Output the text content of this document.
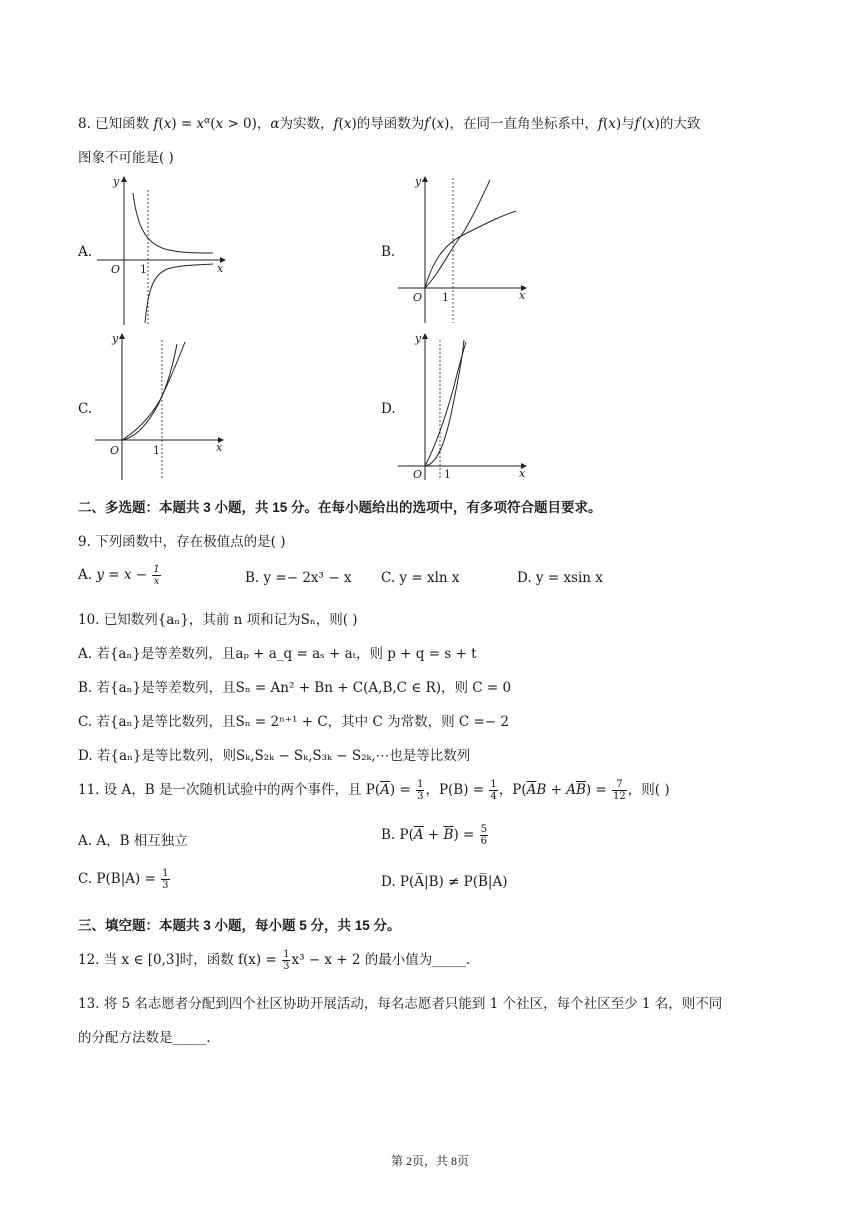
8. 已知函数 $f(x) = x^\alpha(x > 0)$，α为实数，f(x)的导函数为f′(x)，在同一直角坐标系中，f(x)与f′(x)的大致
图象不可能是( )
A.	B.
C.	D.
y
x
O 1
y
x
O 1
y
x
O	1
y
x
O 1
二、多选题：本题共 3 小题，共 15 分。在每小题给出的选项中，有多项符合题目要求。
9. 下列函数中，存在极值点的是( )
A. $y = x - \frac{1}{x}$	B. y =− 2x³ − x C. y = xln x	D. y = xsin x
10. 已知数列{aₙ}，其前 n 项和记为Sₙ，则( )
A. 若{aₙ}是等差数列，且aₚ + a_q = aₛ + aₜ，则 p + q = s + t
B. 若{aₙ}是等差数列，且Sₙ = An² + Bn + C(A,B,C ∈ R)，则 C = 0
C. 若{aₙ}是等比数列，且Sₙ = 2ⁿ⁺¹ + C，其中 C 为常数，则 C =− 2
D. 若{aₙ}是等比数列，则Sₖ,S₂ₖ − Sₖ,S₃ₖ − S₂ₖ,⋯也是等比数列
11. 设 A，B 是一次随机试验中的两个事件，且 $P(\overline{A}) = \frac{1}{3}$ ，$P(B) = \frac{1}{4}$ ，$P(\overline{A}B + A\overline{B}) = \frac{7}{12}$ ，则( )
A. A，B 相互独立	B. $P(\overline{A} + \overline{B}) = \frac{5}{6}$
C. $P(B|A) = \frac{1}{3}$	D. P(A̅|B) ≠ P(B̅|A)
三、填空题：本题共 3 小题，每小题 5 分，共 15 分。
12. 当 x ∈ [0,3]时，函数 $f(x) = \frac{1}{3} x^3 - x + 2$ 的最小值为_____.
13. 将 5 名志愿者分配到四个社区协助开展活动，每名志愿者只能到 1 个社区，每个社区至少 1 名，则不同
的分配方法数是_____.
第 2页，共 8页
